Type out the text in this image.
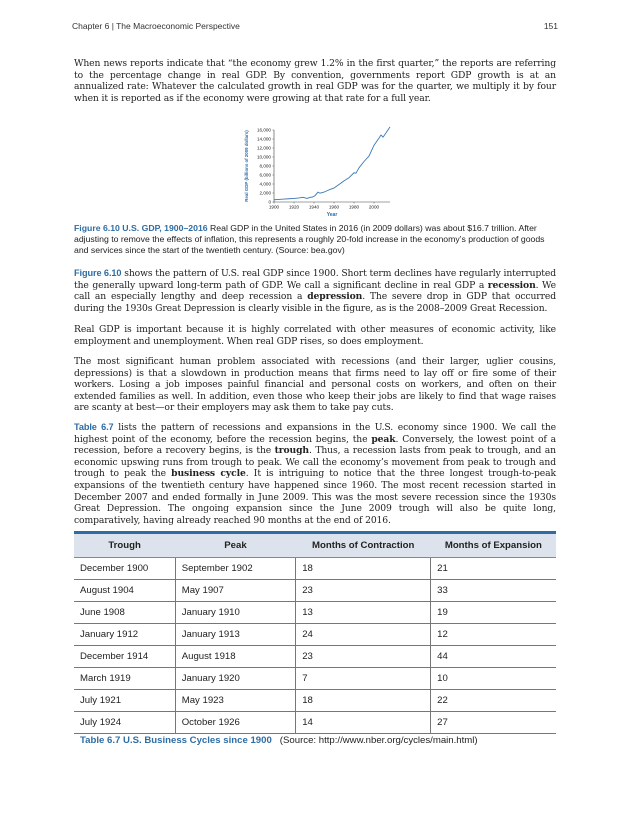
Chapter 6 | The Macroeconomic Perspective	151

When news reports indicate that “the economy grew 1.2% in the first quarter,” the reports are referring to the percentage change in real GDP. By convention, governments report GDP growth is at an annualized rate: Whatever the calculated growth in real GDP was for the quarter, we multiply it by four when it is reported as if the economy were growing at that rate for a full year.

0
2,000
4,000
6,000
8,000
10,000
12,000
14,000
16,000
1900 1920 1940 1960 1980 2000
Year
Real GDP (billions of 2009 dollars)

Figure 6.10 U.S. GDP, 1900–2016 Real GDP in the United States in 2016 (in 2009 dollars) was about $16.7 trillion. After adjusting to remove the effects of inflation, this represents a roughly 20-fold increase in the economy’s production of goods and services since the start of the twentieth century. (Source: bea.gov)

Figure 6.10 shows the pattern of U.S. real GDP since 1900. Short term declines have regularly interrupted the generally upward long-term path of GDP. We call a significant decline in real GDP a recession. We call an especially lengthy and deep recession a depression. The severe drop in GDP that occurred during the 1930s Great Depression is clearly visible in the figure, as is the 2008–2009 Great Recession.

Real GDP is important because it is highly correlated with other measures of economic activity, like employment and unemployment. When real GDP rises, so does employment.

The most significant human problem associated with recessions (and their larger, uglier cousins, depressions) is that a slowdown in production means that firms need to lay off or fire some of their workers. Losing a job imposes painful financial and personal costs on workers, and often on their extended families as well. In addition, even those who keep their jobs are likely to find that wage raises are scanty at best—or their employers may ask them to take pay cuts.

Table 6.7 lists the pattern of recessions and expansions in the U.S. economy since 1900. We call the highest point of the economy, before the recession begins, the peak. Conversely, the lowest point of a recession, before a recovery begins, is the trough. Thus, a recession lasts from peak to trough, and an economic upswing runs from trough to peak. We call the economy’s movement from peak to trough and trough to peak the business cycle. It is intriguing to notice that the three longest trough-to-peak expansions of the twentieth century have happened since 1960. The most recent recession started in December 2007 and ended formally in June 2009. This was the most severe recession since the 1930s Great Depression. The ongoing expansion since the June 2009 trough will also be quite long, comparatively, having already reached 90 months at the end of 2016.

Trough	Peak	Months of Contraction	Months of Expansion
December 1900	September 1902	18	21
August 1904	May 1907	23	33
June 1908	January 1910	13	19
January 1912	January 1913	24	12
December 1914	August 1918	23	44
March 1919	January 1920	7	10
July 1921	May 1923	18	22
July 1924	October 1926	14	27

Table 6.7 U.S. Business Cycles since 1900   (Source: http://www.nber.org/cycles/main.html)
